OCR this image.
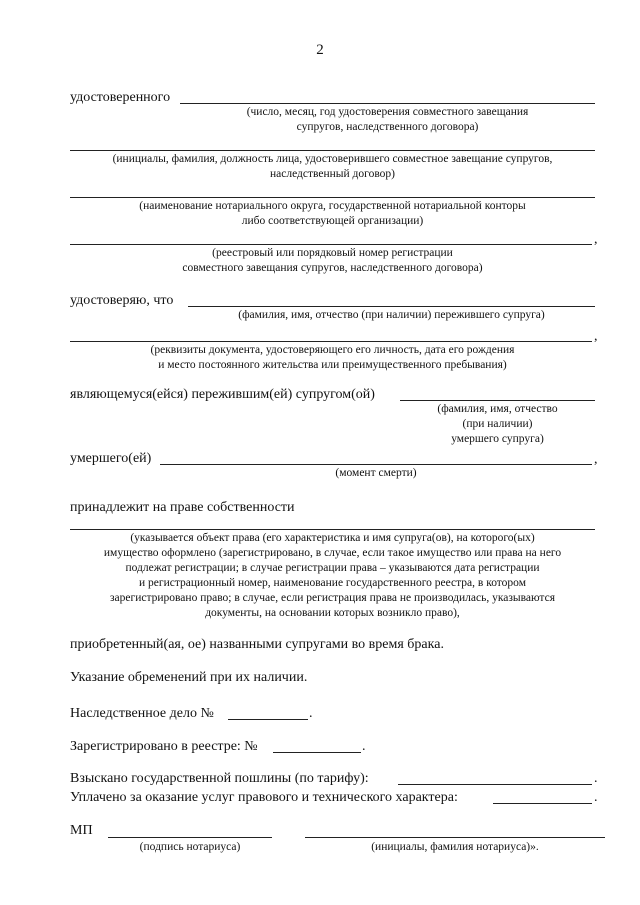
2
удостоверенного
(число, месяц, год удостоверения совместного завещания
супругов, наследственного договора)
(инициалы, фамилия, должность лица, удостоверившего совместное завещание супругов,
наследственный договор)
(наименование нотариального округа, государственной нотариальной конторы
либо соответствующей организации)
,
(реестровый или порядковый номер регистрации
совместного завещания супругов, наследственного договора)
удостоверяю, что
(фамилия, имя, отчество (при наличии) пережившего супруга)
,
(реквизиты документа, удостоверяющего его личность, дата его рождения
и место постоянного жительства или преимущественного пребывания)
являющемуся(ейся) пережившим(ей) супругом(ой)
(фамилия, имя, отчество
(при наличии)
умершего супруга)
умершего(ей)	,
(момент смерти)
принадлежит на праве собственности
(указывается объект права (его характеристика и имя супруга(ов), на которого(ых)
имущество оформлено (зарегистрировано, в случае, если такое имущество или права на него
подлежат регистрации; в случае регистрации права – указываются дата регистрации
и регистрационный номер, наименование государственного реестра, в котором
зарегистрировано право; в случае, если регистрация права не производилась, указываются
документы, на основании которых возникло право),
приобретенный(ая, ое) названными супругами во время брака.
Указание обременений при их наличии.
Наследственное дело №	.
Зарегистрировано в реестре: №	.
Взыскано государственной пошлины (по тарифу):	.
Уплачено за оказание услуг правового и технического характера:	.
МП
(подпись нотариуса)	(инициалы, фамилия нотариуса)».
